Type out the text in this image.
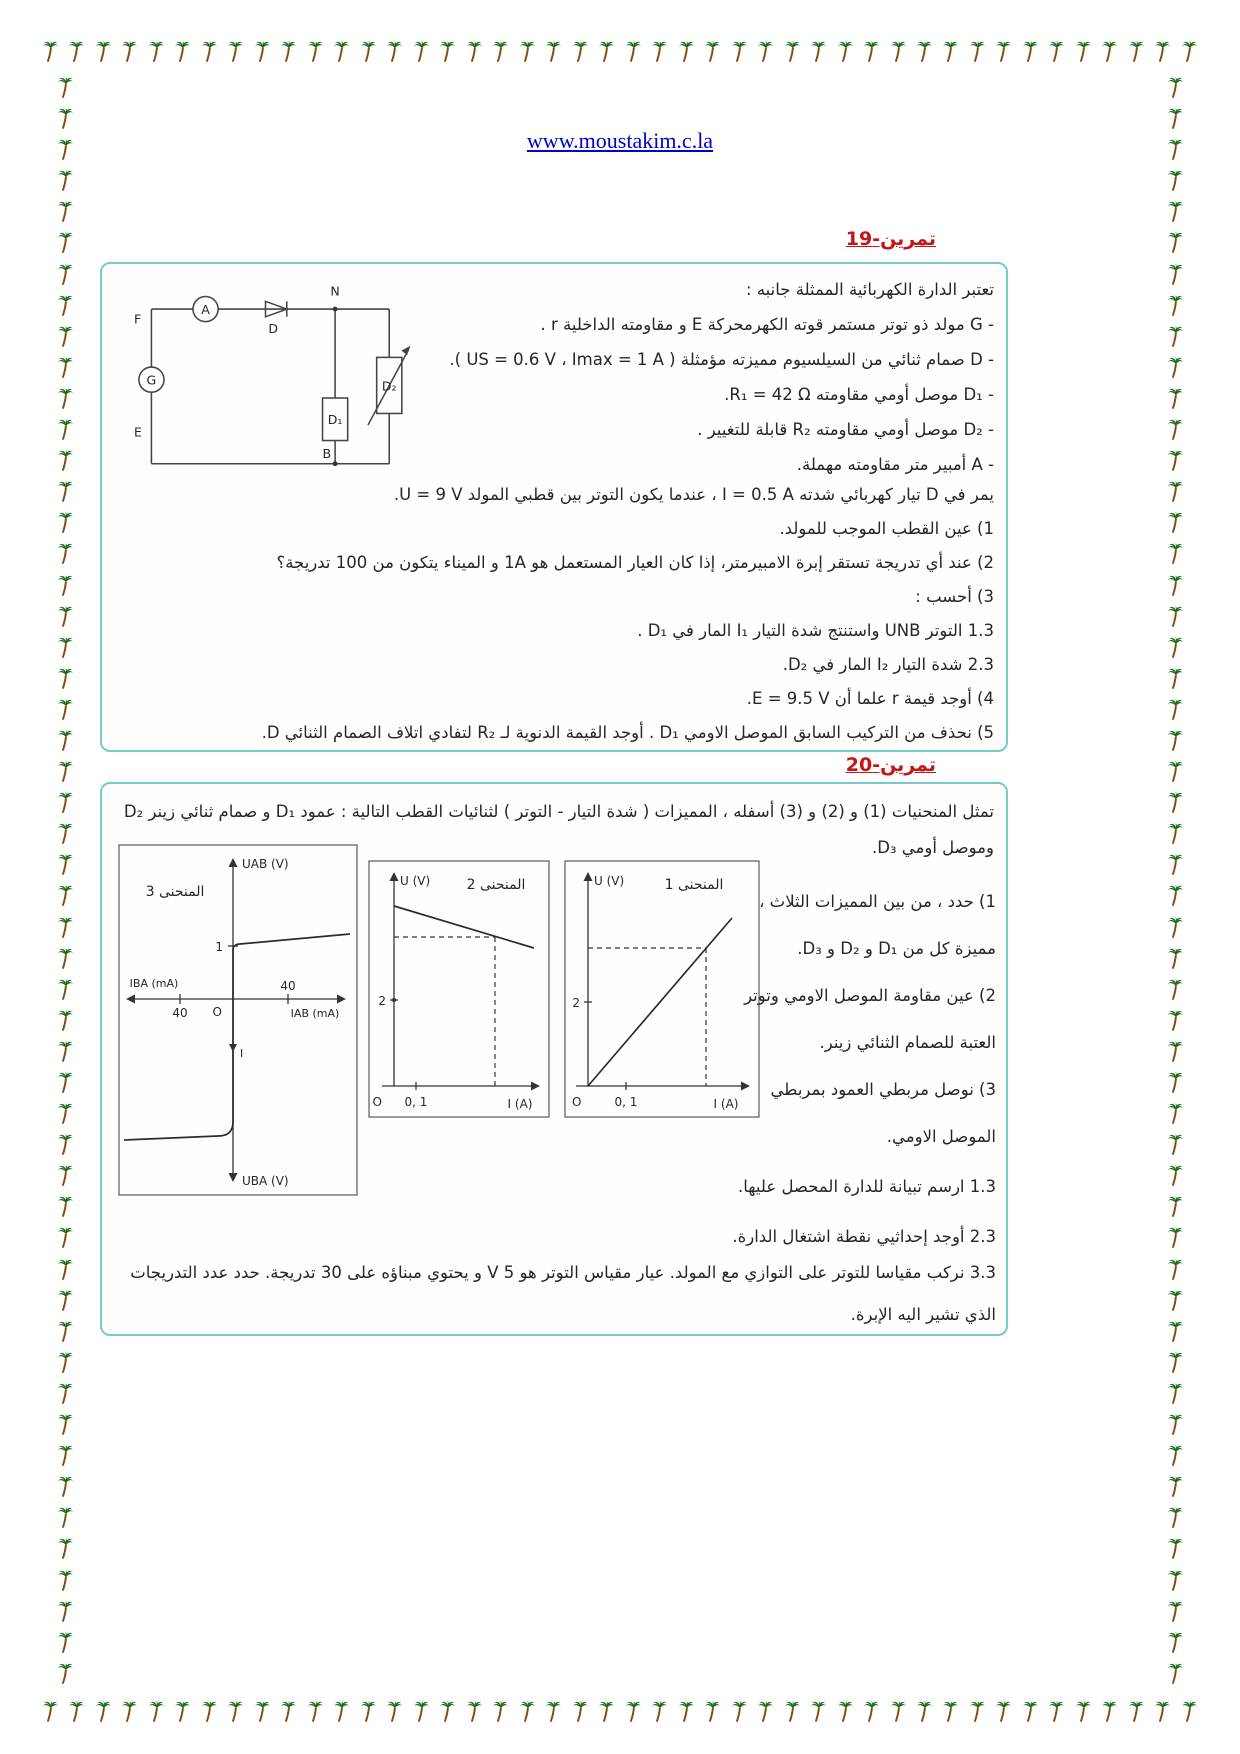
www.moustakim.c.la
تمرين-19
A
G
D
N
D₁
D₂
F
E
B
تعتبر الدارة الكهربائية الممثلة جانبه :
- G مولد ذو توتر مستمر قوته الكهرمحركة E و مقاومته الداخلية r .
- D صمام ثنائي من السيلسيوم مميزته مؤمثلة ( US = 0.6 V ، Imax = 1 A ).
- D₁ موصل أومي مقاومته R₁ = 42 Ω.
- D₂ موصل أومي مقاومته R₂ قابلة للتغيير .
- A أمبير متر مقاومته مهملة.
يمر في D تيار كهربائي شدته I = 0.5 A ، عندما يكون التوتر بين قطبي المولد U = 9 V.
1) عين القطب الموجب للمولد.
2) عند أي تدريجة تستقر إبرة الامبيرمتر، إذا كان العيار المستعمل هو 1A و الميناء يتكون من 100 تدريجة؟
3) أحسب :
1.3 التوتر UNB واستنتج شدة التيار I₁ المار في D₁ .
2.3 شدة التيار I₂ المار في D₂.
4) أوجد قيمة r علما أن E = 9.5 V.
5) نحذف من التركيب السابق الموصل الاومي D₁ . أوجد القيمة الدنوية لـ R₂ لتفادي اتلاف الصمام الثنائي D.
تمرين-20
تمثل المنحنيات (1) و (2) و (3) أسفله ، المميزات ( شدة التيار - التوتر ) لثنائيات القطب التالية : عمود D₁ و صمام ثنائي زينر D₂
وموصل أومي D₃.
UAB (V)
المنحنى 3
1
40
40 O
IBA (mA)
IAB (mA)
UBA (V)
I
U (V)	المنحنى 2
2
0, 1
O	I (A)
U (V)	المنحنى 1
2
0, 1
O	I (A)
1) حدد ، من بين المميزات الثلاث ،
مميزة كل من D₁ و D₂ و D₃.
2) عين مقاومة الموصل الاومي وتوتر
العتبة للصمام الثنائي زينر.
3) نوصل مربطي العمود بمربطي
الموصل الاومي.
1.3 ارسم تبيانة للدارة المحصل عليها.
2.3 أوجد إحداثيي نقطة اشتغال الدارة.
3.3 نركب مقياسا للتوتر على التوازي مع المولد. عيار مقياس التوتر هو 5 V و يحتوي مبناؤه على 30 تدريجة. حدد عدد التدريجات
الذي تشير اليه الإبرة.
